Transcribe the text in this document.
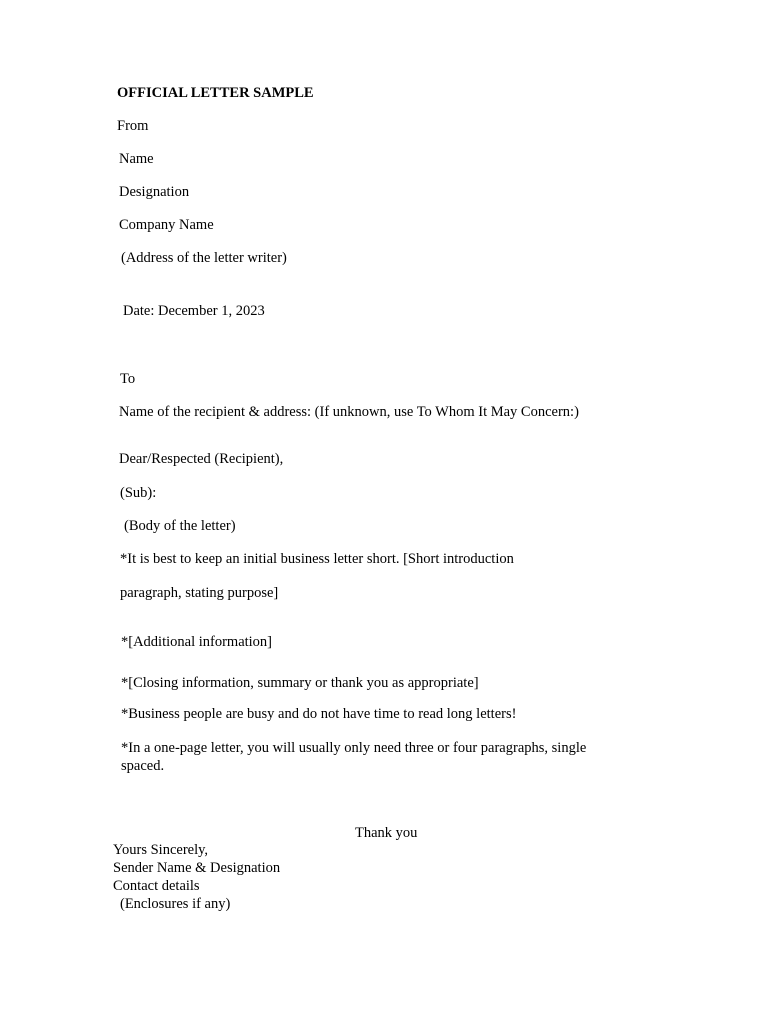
OFFICIAL LETTER SAMPLE

From

Name

Designation

Company Name

(Address of the letter writer)

Date: December 1, 2023

To

Name of the recipient & address: (If unknown, use To Whom It May Concern:)

Dear/Respected (Recipient),

(Sub):

(Body of the letter)

*It is best to keep an initial business letter short. [Short introduction

paragraph, stating purpose]

*[Additional information]

*[Closing information, summary or thank you as appropriate]

*Business people are busy and do not have time to read long letters!

*In a one-page letter, you will usually only need three or four paragraphs, single

spaced.

Thank you

Yours Sincerely,

Sender Name & Designation

Contact details

(Enclosures if any)
